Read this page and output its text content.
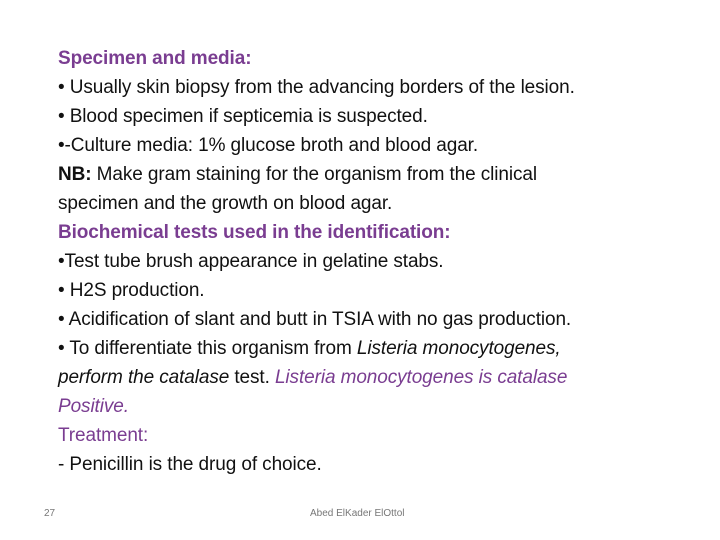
Specimen and media:
• Usually skin biopsy from the advancing borders of the lesion.
• Blood specimen if septicemia is suspected.
•-Culture media: 1% glucose broth and blood agar.
NB: Make gram staining for the organism from the clinical
specimen and the growth on blood agar.
Biochemical tests used in the identification:
•Test tube brush appearance in gelatine stabs.
• H2S production.
• Acidification of slant and butt in TSIA with no gas production.
• To differentiate this organism from Listeria monocytogenes,
perform the catalase test. Listeria monocytogenes is catalase
Positive.
Treatment:
- Penicillin is the drug of choice.
27	Abed ElKader ElOttol
